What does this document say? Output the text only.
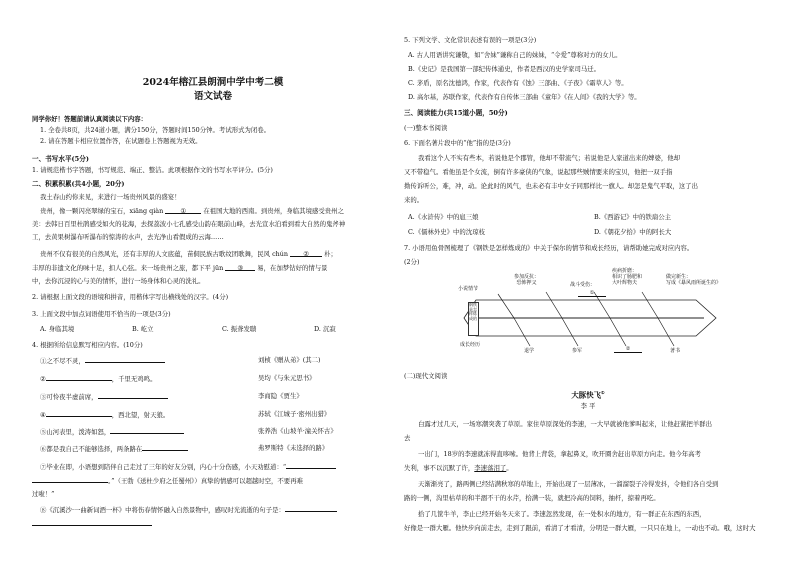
2024年榕江县朗洞中学中考二模
语文试卷
同学你好！答题前请认真阅读以下内容：
1. 全卷共8页，共24道小题，满分150分，答题时间150分钟。考试形式为闭卷。
2. 请在答题卡相应位置作答，在试题卷上答题视为无效。
一、书写水平(5分)
1. 请规范楷书字答题，书写规范、端正、整洁。此项根据作文的书写水平评分。(5分)
二、积累积累(共4小题，20分)
我土春山约你来见，来进行一场贵州风景的盛宴！
贵州，像一颗闪亮翠绿的宝石，xiāng qiàn	①	在祖国大地的西南。到贵州，身临其境感受贵州之
美：去韩日百里杜鹃感受如火的花海，去探荔波小七孔感受山韵在眼前山峰，去光宣水泊看到看大自然的鬼斧神
工，去黄果树瀑布听瀑布的惊涛的水声，去光净山看假成的云海……
贵州不仅有很美的自然风光，还有丰厚的人文底蕴，苗侗民族古歌纹团歌舞，民风 chún ② 朴；
丰厚的非遗文化的味十足，扣人心弦。来一场贵州之旅，都下平 jūn ③ 易，在加梦钻好的情与景
中，去你沉浸的心与美的情怀，进行一场身体和心灵的洗礼。
2. 请根据上面文段的语境和拼音，用楷体字写出横线处的汉字。(4分)
3. 上面文段中加点词语使用不恰当的一项是(3分)
A. 身临其境	B. 屹立	C. 振聋发聩	D. 沉寂
4. 根据所给信息默写相应内容。(10分)
①之不尽不灵，	刘桢《赠从弟》(其二)
②	，千里无鸡鸣。	吴均《与朱元思书》
③可怜夜半虚前席，	李商隐《贾生》
④	，西北望，射天狼。	苏轼《江城子·密州出猎》
⑤山河表里，泼涛如怒，	张养浩《山坡羊·潼关怀古》
⑥都是我自己不能够选择，两条路在	弗罗斯特《未选择的路》
⑦毕业在即，小语想到陪伴自己走过了三年的好友分别，内心十分伤感，小天劝慰道：“
。”（王勃《送杜少府之任蜀州》）真挚的情感可以超越时空，不要再难
过啦！”
⑧《沉溪沙·一曲新词酒一杯》中将伤春情怀融入自然景物中，感叹时光流逝的句子是：
5. 下列文学、文化常识表述有误的一项是(3分)
A. 古人用语讲究谦敬，如“舍妹”谦称自己的妹妹，“令爱”尊称对方的女儿。
B.《史记》是我国第一部纪传体通史，作者是西汉的史学家司马迁。
C. 茅盾，原名沈德鸿，作家，代表作有《蚀》三部曲、《子夜》《霜草人》等。
D. 高尔基，苏联作家，代表作有自传体三部曲《童年》《在人间》《我的大学》等。
三、阅读能力(共15道小题，50分)
(一)整本书阅读
6. 下面名著片段中的“他”指的是(3分)
我看这个人不实有些本，若说他是个郡管，他却不带流气；若说他是人家道出来的婢婆，他却
又不带稳气。看他虽是个女流，倒有许多豪侠的气象，说起那些贼情要来的宝贝，他把一双手指
拗传诉听公，难，冲，动。论此时的风气，也未必有丰中女子同那样比一旗人。却怎是鬼气平取，这了出
来的。
A.《水浒传》中的扈三娘	B.《西游记》中的铁扇公主
C.《儒林外史》中的沈琼枝	D.《朝花夕拾》中的阿长大
7. 小语用鱼骨图梳理了《钢铁是怎样炼成的》中关于保尔的情节和成长经历，请帮助她完成对应内容。
(2分)
钢铁是怎样炼成的
小说情节
参加反抗：
恐怖押父	战斗受伤：
①
疾病折磨：
相识了肠肥和
大叶辉物夫
做完新生：
写成《暴风雨所诞生的》
成长经历
退学	参军	②	著书
(二)现代文阅读
大豚快飞①
李 平
白露才过几天，一场寒潮突袭了草原。家住草原深处的李速，一大早就被他爹叫起来，让他赶紧把羊群出
去
一出门，18岁的李速就冻得直哆嗦。他背上背袋，拿起鼻叉，吹开圈舍赶出草原方向走。他今年高考
失利，事不以沉默了许，李速落泪了。
天渐渐亮了，路两侧已经结满秋寒的草地上，开始出现了一层薄冰，一溜溜裂子冷得发抖，令他们各自受到
路的一侧，沟里枯草的和半涸不干的水芹，拾满一装，就把冷高的饲料，抽杆，掠着再吃。
拾了几筐牛羊，李止已经开始冬天来了。李速忽然发现，在一处积水的地方，有一群正在东西的东西，
好像是一群大雁。他快步向前走去，走到了跟前，看清了才看清，分明是一群大雁，一只只在地上，一动也不动。哦，这时大
